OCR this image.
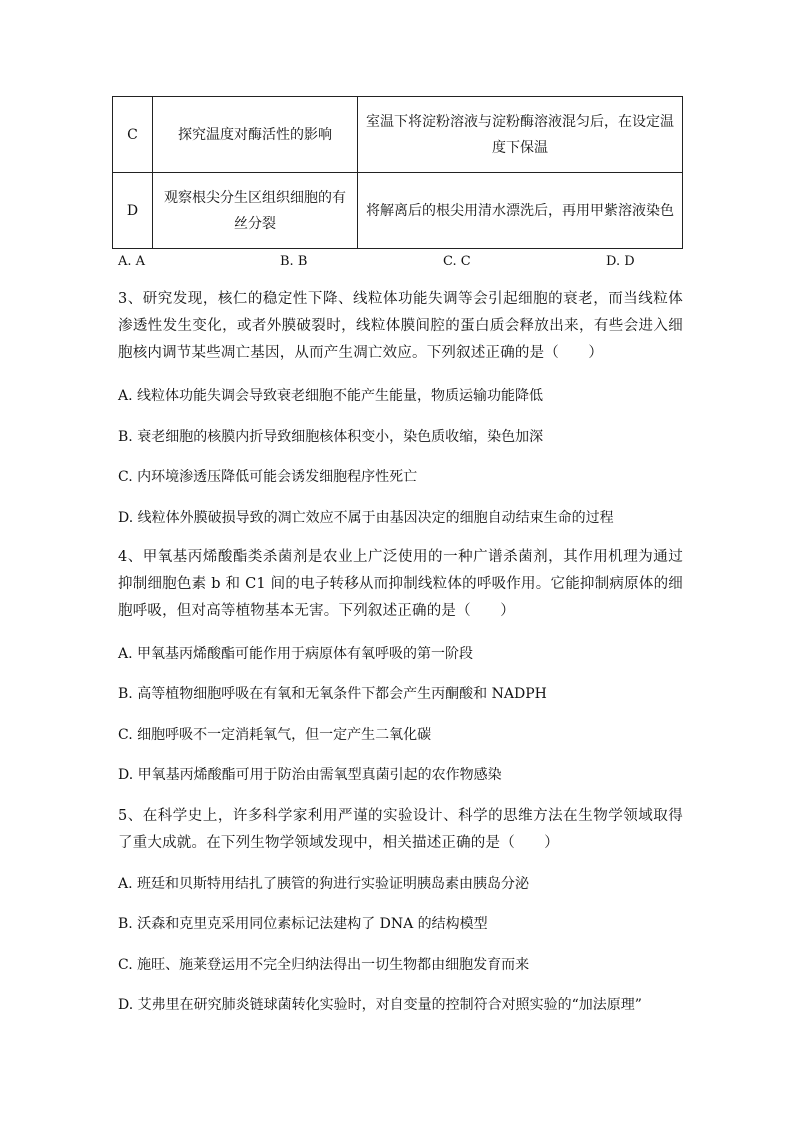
C	探究温度对酶活性的影响	室温下将淀粉溶液与淀粉酶溶液混匀后，在设定温度下保温
D	观察根尖分生区组织细胞的有丝分裂	将解离后的根尖用清水漂洗后，再用甲紫溶液染色
A. A	B. B	C. C	D. D
3、研究发现，核仁的稳定性下降、线粒体功能失调等会引起细胞的衰老，而当线粒体渗透性发生变化，或者外膜破裂时，线粒体膜间腔的蛋白质会释放出来，有些会进入细胞核内调节某些凋亡基因，从而产生凋亡效应。下列叙述正确的是（　　）
A. 线粒体功能失调会导致衰老细胞不能产生能量，物质运输功能降低
B. 衰老细胞的核膜内折导致细胞核体积变小，染色质收缩，染色加深
C. 内环境渗透压降低可能会诱发细胞程序性死亡
D. 线粒体外膜破损导致的凋亡效应不属于由基因决定的细胞自动结束生命的过程
4、甲氧基丙烯酸酯类杀菌剂是农业上广泛使用的一种广谱杀菌剂，其作用机理为通过抑制细胞色素 b 和 C1 间的电子转移从而抑制线粒体的呼吸作用。它能抑制病原体的细胞呼吸，但对高等植物基本无害。下列叙述正确的是（　　）
A. 甲氧基丙烯酸酯可能作用于病原体有氧呼吸的第一阶段
B. 高等植物细胞呼吸在有氧和无氧条件下都会产生丙酮酸和 NADPH
C. 细胞呼吸不一定消耗氧气，但一定产生二氧化碳
D. 甲氧基丙烯酸酯可用于防治由需氧型真菌引起的农作物感染
5、在科学史上，许多科学家利用严谨的实验设计、科学的思维方法在生物学领域取得了重大成就。在下列生物学领域发现中，相关描述正确的是（　　）
A. 班廷和贝斯特用结扎了胰管的狗进行实验证明胰岛素由胰岛分泌
B. 沃森和克里克采用同位素标记法建构了 DNA 的结构模型
C. 施旺、施莱登运用不完全归纳法得出一切生物都由细胞发育而来
D. 艾弗里在研究肺炎链球菌转化实验时，对自变量的控制符合对照实验的“加法原理”
